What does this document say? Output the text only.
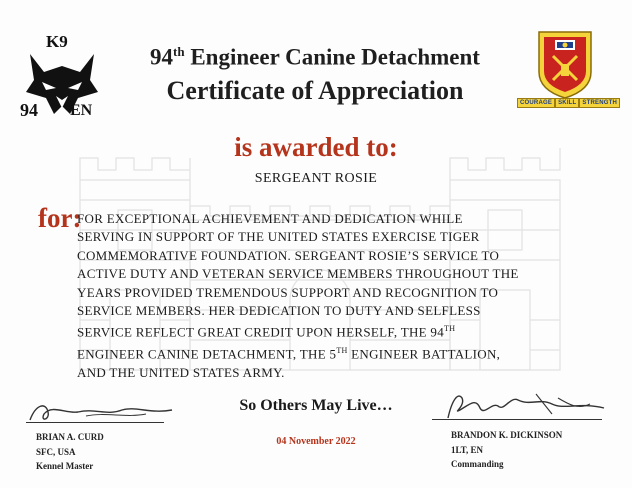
K9
94 EN	COURAGE	SKILL	STRENGTH
94th Engineer Canine Detachment
Certificate of Appreciation
is awarded to:
SERGEANT ROSIE
for:

FOR EXCEPTIONAL ACHIEVEMENT AND DEDICATION WHILE

SERVING IN SUPPORT OF THE UNITED STATES EXERCISE TIGER

COMMEMORATIVE FOUNDATION. SERGEANT ROSIE’S SERVICE TO

ACTIVE DUTY AND VETERAN SERVICE MEMBERS THROUGHOUT THE

YEARS PROVIDED TREMENDOUS SUPPORT AND RECOGNITION TO

SERVICE MEMBERS. HER DEDICATION TO DUTY AND SELFLESS

SERVICE REFLECT GREAT CREDIT UPON HERSELF, THE 94TH

ENGINEER CANINE DETACHMENT, THE 5TH ENGINEER BATTALION,

AND THE UNITED STATES ARMY.

So Others May Live…
BRIAN A. CURD
SFC, USA
Kennel Master
04 November 2022
BRANDON K. DICKINSON
1LT, EN
Commanding
